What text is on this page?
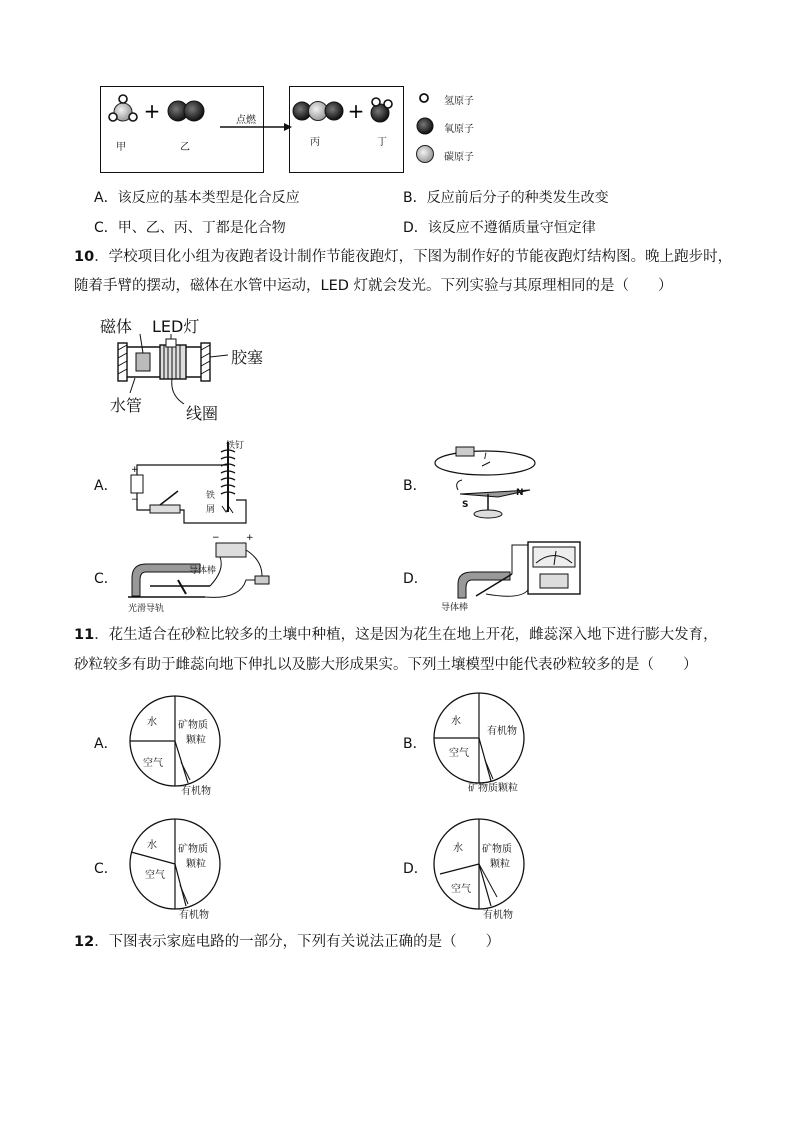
+	+
甲	乙
点燃
丙	丁
氢原子
氧原子
碳原子
A．该反应的基本类型是化合反应	B．反应前后分子的种类发生改变
C．甲、乙、丙、丁都是化合物	D．该反应不遵循质量守恒定律
10．学校项目化小组为夜跑者设计制作节能夜跑灯，下图为制作好的节能夜跑灯结构图。晚上跑步时，
随着手臂的摆动，磁体在水管中运动，LED 灯就会发光。下列实验与其原理相同的是（　　）
磁体 LED灯
胶塞
水管	线圈
A．	B．
C．	D．
+
−
铁钉
铁
屑	S
N
I
−	+
导体棒
光滑导轨	导体棒
11．花生适合在砂粒比较多的土壤中种植，这是因为花生在地上开花，雌蕊深入地下进行膨大发育，
砂粒较多有助于雌蕊向地下伸扎以及膨大形成果实。下列土壤模型中能代表砂粒较多的是（　　）
A．
水
空气
矿物质
颗粒
有机物
B．
水
空气
有机物
矿物质颗粒
C．
水
空气
矿物质
颗粒
有机物
D．
水
空气
矿物质
颗粒
有机物
12．下图表示家庭电路的一部分，下列有关说法正确的是（　　）
